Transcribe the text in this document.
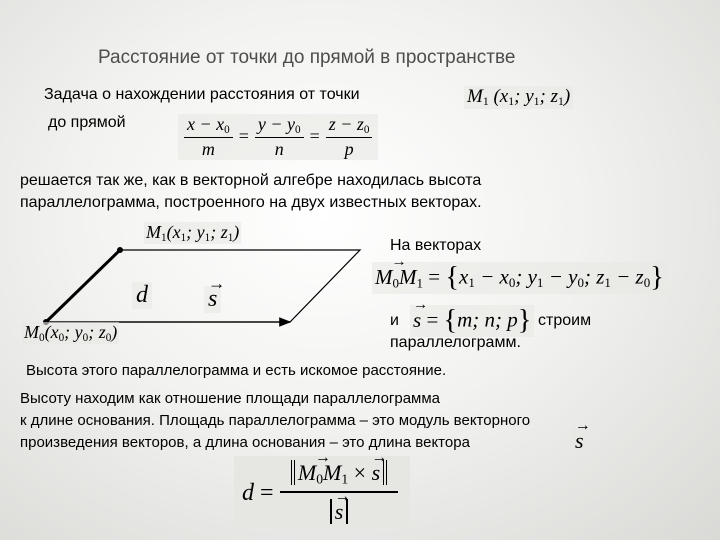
Расстояние от точки до прямой в пространстве
Задача о нахождении расстояния от точки
до прямой
$M_1$ ($x_1$; $y_1$; $z_1$)
$\frac{x - x_0}{m} = \frac{y - y_0}{n} = \frac{z - z_0}{p}$
решается так же, как в векторной алгебре находилась высота
параллелограмма, построенного на двух известных векторах.
$M_1(x_1$; $y_1$; $z_1$)
d	→ s
$M_0(x_0$; $y_0$; $z_0$)
На векторах
→ $M_0M_1 = \{x_1 - x_0$; $y_1 - y_0$; $z_1 - z_0$}
и → s = {m; n; p} строим
параллелограмм.
Высота этого параллелограмма и есть искомое расстояние.
Высоту находим как отношение площади параллелограмма
к длине основания. Площадь параллелограмма – это модуль векторного
произведения векторов, а длина основания – это длина вектора	→ s
d = → $M_0M_1$ × → s
→ s
